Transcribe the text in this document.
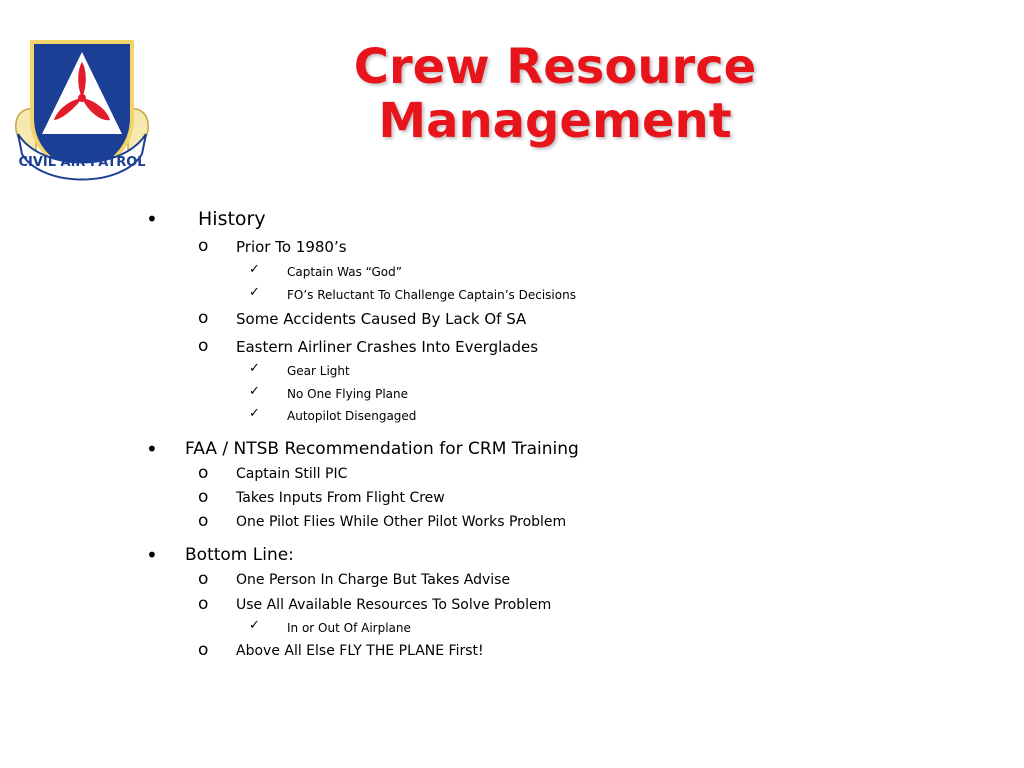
CIVIL AIR PATROL
Crew Resource
Management
• History
o Prior To 1980’s
✓ Captain Was “God”
✓ FO’s Reluctant To Challenge Captain’s Decisions
o Some Accidents Caused By Lack Of SA
o Eastern Airliner Crashes Into Everglades
✓ Gear Light
✓ No One Flying Plane
✓ Autopilot Disengaged
• FAA / NTSB Recommendation for CRM Training
o Captain Still PIC
o Takes Inputs From Flight Crew
o One Pilot Flies While Other Pilot Works Problem
• Bottom Line:
o One Person In Charge But Takes Advise
o Use All Available Resources To Solve Problem
✓ In or Out Of Airplane
o Above All Else FLY THE PLANE First!
